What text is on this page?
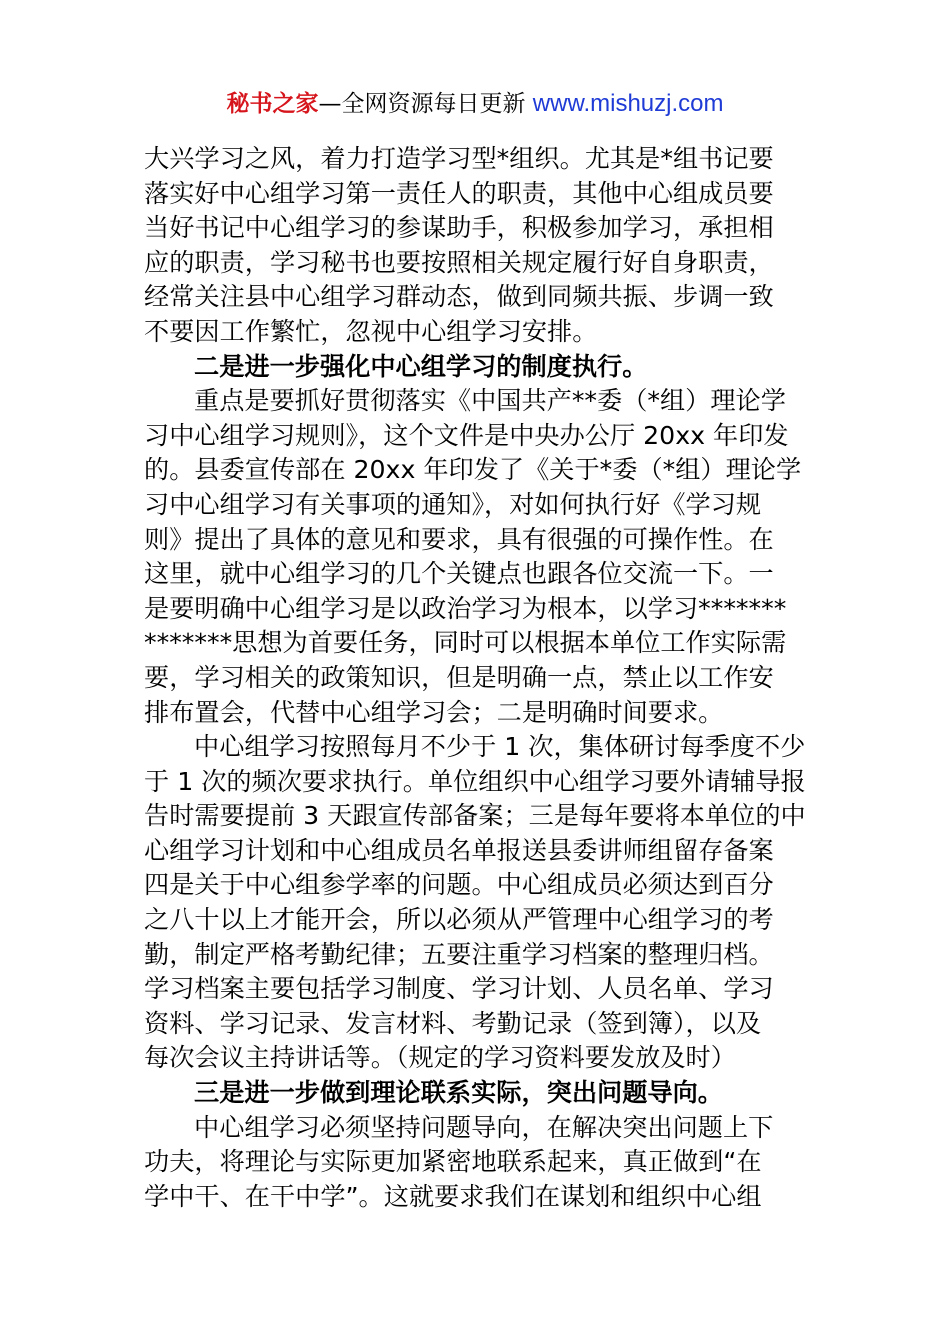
秘书之家—全网资源每日更新 www.mishuzj.com
大兴学习之风，着力打造学习型*组织。尤其是*组书记要
落实好中心组学习第一责任人的职责，其他中心组成员要
当好书记中心组学习的参谋助手，积极参加学习，承担相
应的职责，学习秘书也要按照相关规定履行好自身职责，
经常关注县中心组学习群动态，做到同频共振、步调一致
不要因工作繁忙，忽视中心组学习安排。
二是进一步强化中心组学习的制度执行。
重点是要抓好贯彻落实《中国共产**委（*组）理论学
习中心组学习规则》，这个文件是中央办公厅 20xx 年印发
的。县委宣传部在 20xx 年印发了《关于*委（*组）理论学
习中心组学习有关事项的通知》，对如何执行好《学习规
则》提出了具体的意见和要求，具有很强的可操作性。在
这里，就中心组学习的几个关键点也跟各位交流一下。一
是要明确中心组学习是以政治学习为根本，以学习*******
*******思想为首要任务，同时可以根据本单位工作实际需
要，学习相关的政策知识，但是明确一点，禁止以工作安
排布置会，代替中心组学习会；二是明确时间要求。
中心组学习按照每月不少于 1 次，集体研讨每季度不少
于 1 次的频次要求执行。单位组织中心组学习要外请辅导报
告时需要提前 3 天跟宣传部备案；三是每年要将本单位的中
心组学习计划和中心组成员名单报送县委讲师组留存备案
四是关于中心组参学率的问题。中心组成员必须达到百分
之八十以上才能开会，所以必须从严管理中心组学习的考
勤，制定严格考勤纪律；五要注重学习档案的整理归档。
学习档案主要包括学习制度、学习计划、人员名单、学习
资料、学习记录、发言材料、考勤记录（签到簿），以及
每次会议主持讲话等。（规定的学习资料要发放及时）
三是进一步做到理论联系实际，突出问题导向。
中心组学习必须坚持问题导向，在解决突出问题上下
功夫，将理论与实际更加紧密地联系起来，真正做到“在
学中干、在干中学”。这就要求我们在谋划和组织中心组
